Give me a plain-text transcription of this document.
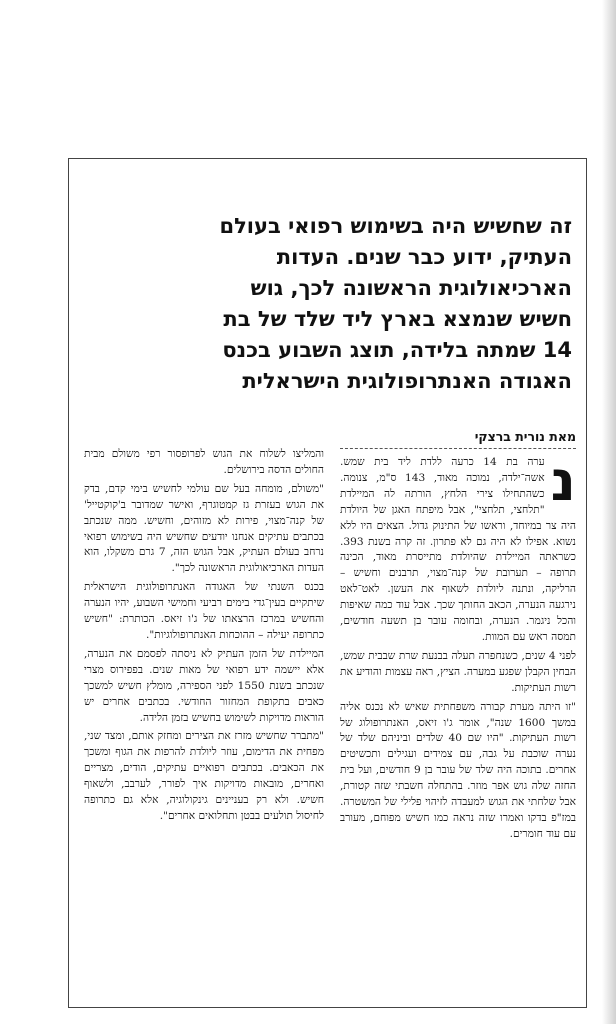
זה שחשיש היה בשימוש רפואי בעולם העתיק, ידוע כבר שנים. העדות הארכיאולוגית הראשונה לכך, גוש חשיש שנמצא בארץ ליד שלד של בת 14 שמתה בלידה, תוצג השבוע בכנס האגודה האנתרופולוגית הישראלית
מאת נורית ברצקי
נ

ערה בת 14 כרעה ללדת ליד בית שמש. אשה־ילדה, נמוכה מאוד, 143 ס"מ, צנומה. כשהתחילו צירי הלחץ, הורתה לה המיילדת "תלחצי, תלחצי", אבל מיפתח האגן של היולדת היה צר במיוחד, וראשו של התינוק גדול. הצאים היו ללא נשוא. אפילו לא היה גם לא פתרון. זה קרה בשנת 393. כשראתה המיילדת שהיולדת מתייסרת מאוד, הכינה תרופה – תערובת של קנה־מצוי, תרבנים וחשיש – הרליקה, ונתנה ליולדת לשאוף את העשן. לאט־לאט נירגעה הנערה, הכאב החותך שכך. אבל עוד כמה שאיפות והכל ניגמר. הנערה, ובחומה עובר בן תשעה חודשים, תמסה ראש עם המוות.

לפני 4 שנים, כשנחפרה תעלה בבנעת שרת שבבית שמש, הבחין הקבלן שפגע במערה. הציץ, ראה עצמות והודיע את רשות העתיקות.

"זו היתה מערת קבורה משפחתית שאיש לא נכנס אליה במשך 1600 שנה", אומר ג'ו זיאס, האנתרופולוג של רשות העתיקות. "היו שם 40 שלדים וביניהם שלד של נערה שוכבת על גבה, עם צמידים ועגילים ותכשיטים אחרים. בתוכה היה שלד של עובר בן 9 חודשים, ועל בית החזה שלה גוש אפר מוזר. בהתחלה חשבתי שזה קטורת, אבל שלחתי את הגוש למעבדה לזיהוי פלילי של המשטרה. במז"פ בדקו ואמרו שזה נראה כמו חשיש מפוחם, מעורב עם עוד חומרים.

והמליצו לשלוח את הגוש לפרופסור רפי משולם מבית החולים הדסה בירושלים.

"משולם, מומחה בעל שם עולמי לחשיש בימי קדם, בדק את הגוש בעזרת גז קמטוגרף, ואישר שמדובר ב'קוקטייל' של קנה־מצוי, פירות לא מזוהים, וחשיש. ממה שנכתב בכתבים עתיקים אנחנו יודעים שחשיש היה בשימוש רפואי נרחב בעולם העתיק, אבל הגוש הזה, 7 גרם משקלו, הוא העדות הארכיאולוגית הראשונה לכך".

בכנס השנתי של האגודה האנתרופולוגית הישראלית שיתקיים בעין־גדי בימים רביעי וחמישי השבוע, יהיו הנערה והחשיש במרכז הרצאתו של ג'ו זיאס. הכותרת: "חשיש כתרופה יעילה – ההוכחות האנתרופולוגיות".

המיילדת של הזמן העתיק לא ניסתה לפסמם את הנערה, אלא יישמה ידע רפואי של מאות שנים. בפפירוס מצרי שנכתב בשנת 1550 לפני הספירה, מומלץ חשיש למשכך כאבים בתקופת המחזור החודשי. בכתבים אחרים יש הוראות מדויקות לשימוש בחשיש בזמן הלידה.

"מתברר שחשיש מזרז את הצירים ומחזק אותם, ומצד שני, מפחית את הדימום, עוזר ליולדת להרפות את הגוף ומשכך את הכאבים. בכתבים רפואיים עתיקים, הודים, מצריים ואחרים, מובאות מדויקות איך לפורר, לערבב, ולשאוף חשיש. ולא רק בעניינים גינקולוגיה, אלא גם כתרופה לחיסול תולעים בבטן ותחלואים אחרים".
